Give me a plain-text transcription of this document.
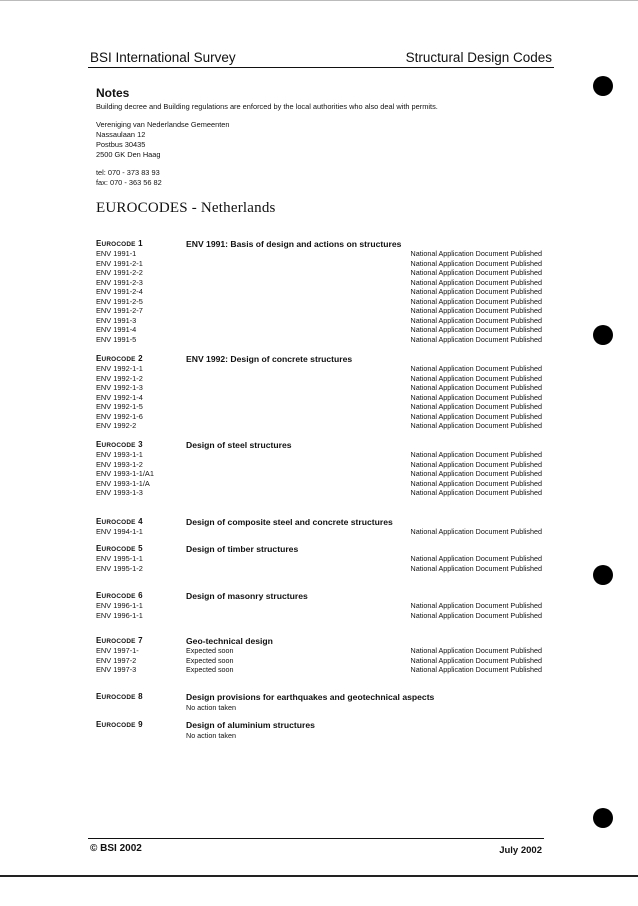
BSI International Survey	Structural Design Codes
Notes
Building decree and Building regulations are enforced by the local authorities who also deal with permits.
Vereniging van Nederlandse Gemeenten
Nassaulaan 12
Postbus 30435
2500 GK Den Haag
tel: 070 - 373 83 93
fax: 070 - 363 56 82
EUROCODES - Netherlands
EUROCODE 1	ENV 1991: Basis of design and actions on structures
ENV 1991-1	National Application Document Published
ENV 1991-2-1	National Application Document Published
ENV 1991-2-2	National Application Document Published
ENV 1991-2-3	National Application Document Published
ENV 1991-2-4	National Application Document Published
ENV 1991-2-5	National Application Document Published
ENV 1991-2-7	National Application Document Published
ENV 1991-3	National Application Document Published
ENV 1991-4	National Application Document Published
ENV 1991-5	National Application Document Published
EUROCODE 2	ENV 1992: Design of concrete structures
ENV 1992-1-1	National Application Document Published
ENV 1992-1-2	National Application Document Published
ENV 1992-1-3	National Application Document Published
ENV 1992-1-4	National Application Document Published
ENV 1992-1-5	National Application Document Published
ENV 1992-1-6	National Application Document Published
ENV 1992-2	National Application Document Published
EUROCODE 3	Design of steel structures
ENV 1993-1-1	National Application Document Published
ENV 1993-1-2	National Application Document Published
ENV 1993-1-1/A1	National Application Document Published
ENV 1993-1-1/A	National Application Document Published
ENV 1993-1-3	National Application Document Published
EUROCODE 4	Design of composite steel and concrete structures
ENV 1994-1-1	National Application Document Published
EUROCODE 5	Design of timber structures
ENV 1995-1-1	National Application Document Published
ENV 1995-1-2	National Application Document Published
EUROCODE 6	Design of masonry structures
ENV 1996-1-1	National Application Document Published
ENV 1996-1-1	National Application Document Published
EUROCODE 7	Geo-technical design
ENV 1997-1-	Expected soon	National Application Document Published
ENV 1997-2	Expected soon	National Application Document Published
ENV 1997-3	Expected soon	National Application Document Published
EUROCODE 8	Design provisions for earthquakes and geotechnical aspects
No action taken
EUROCODE 9	Design of aluminium structures
No action taken
© BSI 2002	July 2002
